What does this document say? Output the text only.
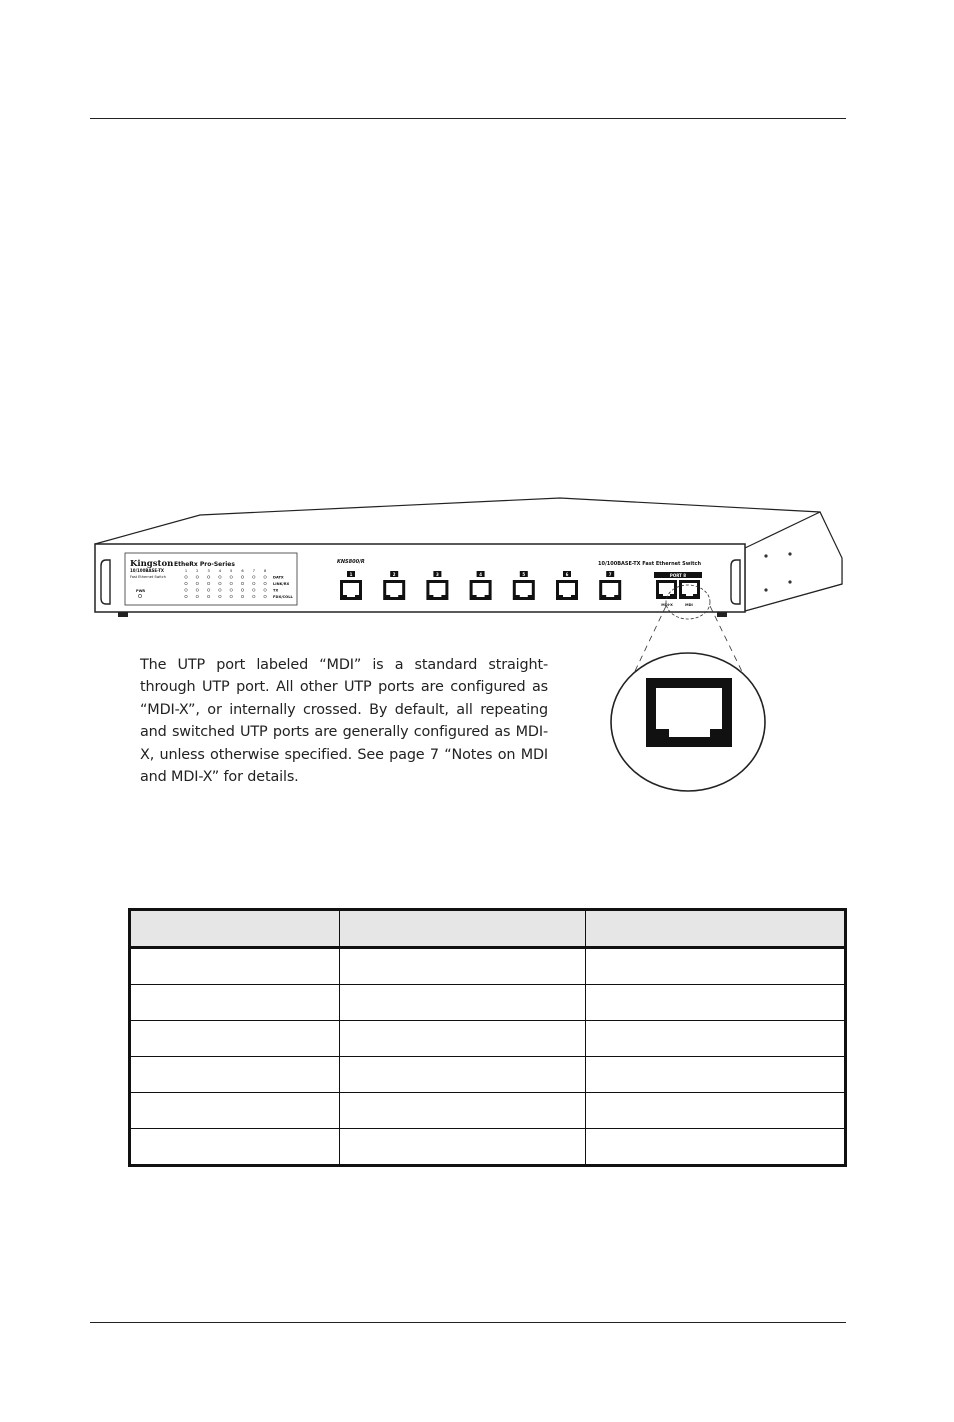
Kingston EtheRx Pro-Series
10/100BASE-TX
Fast Ethernet Switch
PWR
1	2	3	4	5	6	7	8
DATX
LINK/RX
TX
FDX/COLL
KNS800/R	10/100BASE-TX Fast Ethernet Switch
1	2	3	4	5	6	7	PORT 8
MDI-X	MDI

The UTP port labeled “MDI” is a standard straight-through UTP port. All other UTP ports are configured as “MDI-X”, or internally crossed. By default, all repeating and switched UTP ports are generally configured as MDI-X, unless otherwise specified. See page 7 “Notes on MDI and MDI-X” for details.
